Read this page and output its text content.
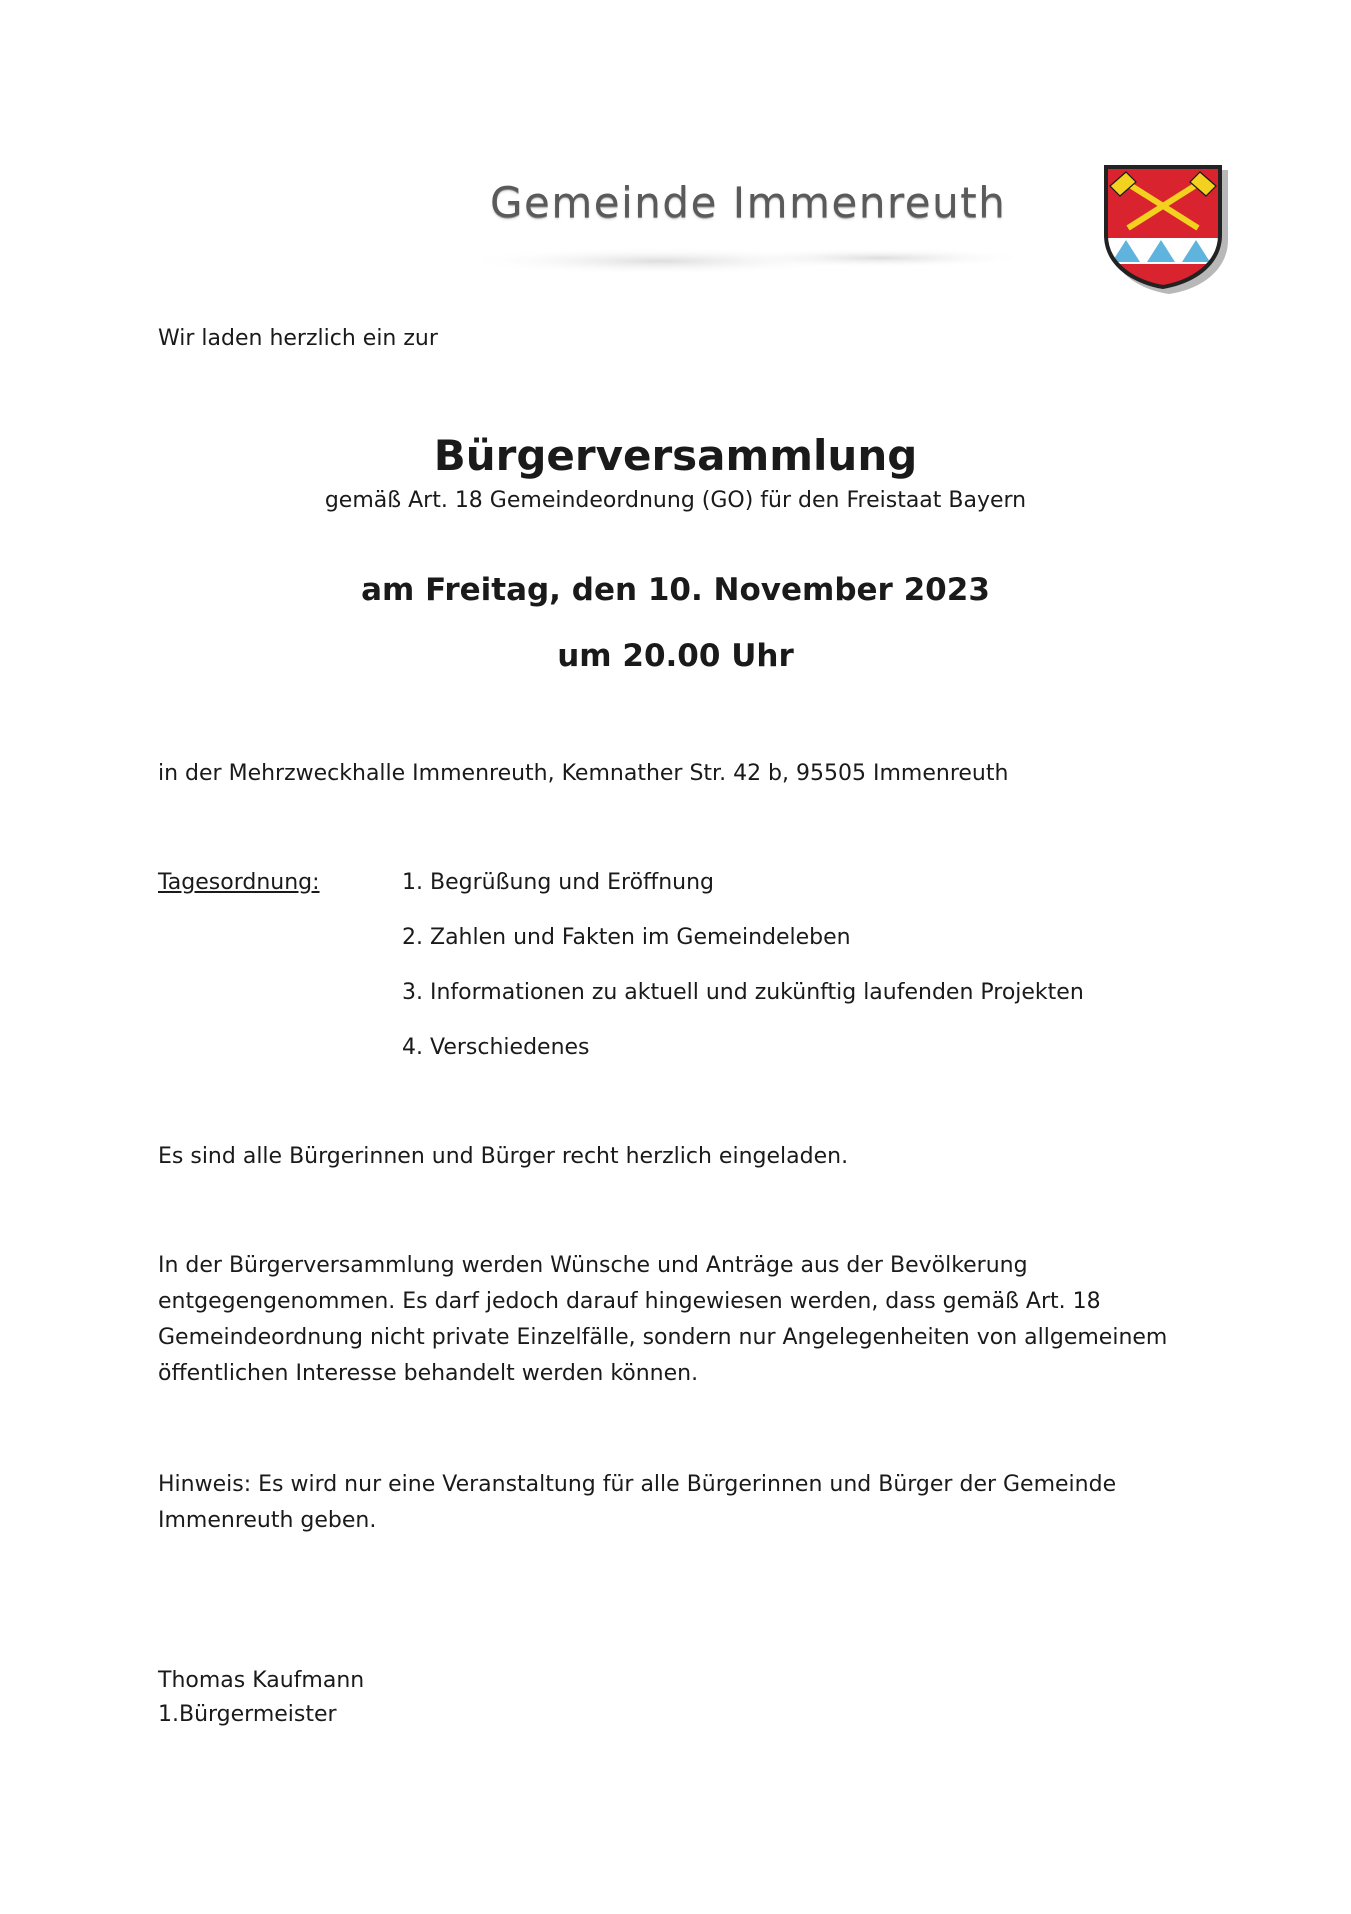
Gemeinde Immenreuth
Wir laden herzlich ein zur
Bürgerversammlung
gemäß Art. 18 Gemeindeordnung (GO) für den Freistaat Bayern
am Freitag, den 10. November 2023
um 20.00 Uhr
in der Mehrzweckhalle Immenreuth, Kemnather Str. 42 b, 95505 Immenreuth
Tagesordnung:	1. Begrüßung und Eröffnung
2. Zahlen und Fakten im Gemeindeleben
3. Informationen zu aktuell und zukünftig laufenden Projekten
4. Verschiedenes
Es sind alle Bürgerinnen und Bürger recht herzlich eingeladen.
In der Bürgerversammlung werden Wünsche und Anträge aus der Bevölkerung
entgegengenommen. Es darf jedoch darauf hingewiesen werden, dass gemäß Art. 18
Gemeindeordnung nicht private Einzelfälle, sondern nur Angelegenheiten von allgemeinem
öffentlichen Interesse behandelt werden können.
Hinweis: Es wird nur eine Veranstaltung für alle Bürgerinnen und Bürger der Gemeinde
Immenreuth geben.
Thomas Kaufmann
1.Bürgermeister
